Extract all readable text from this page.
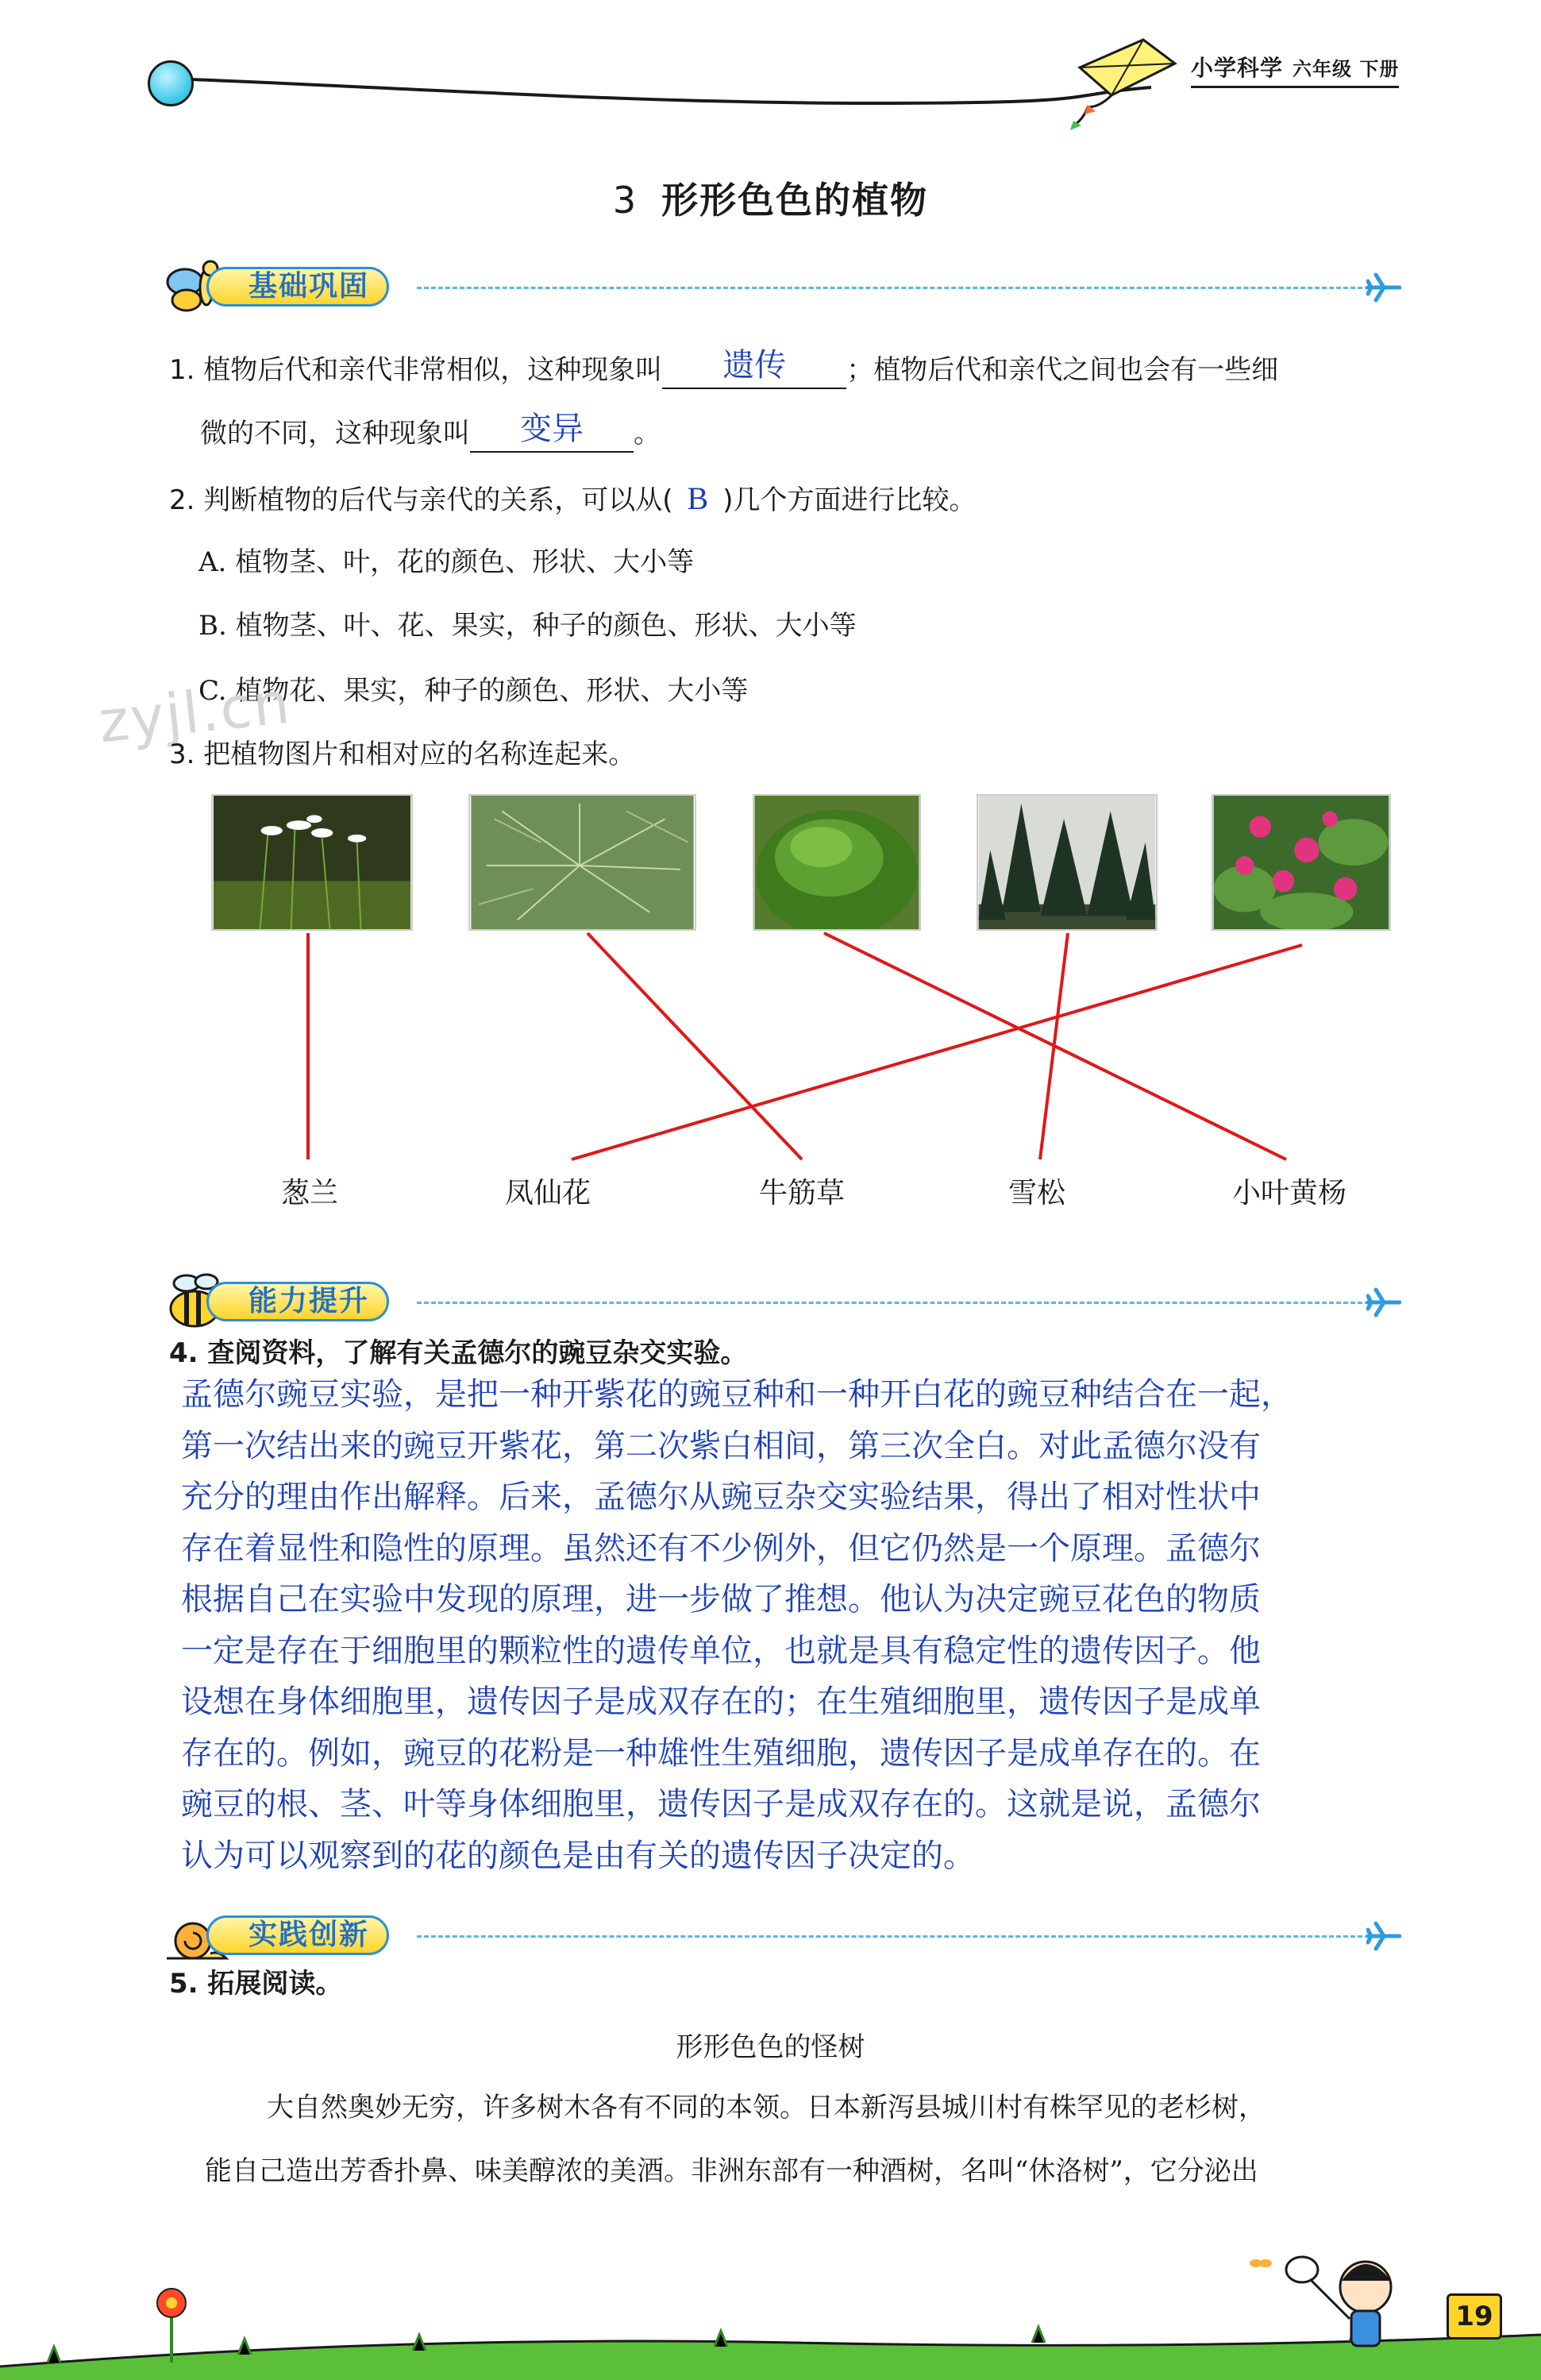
小学科学 六年级 下册
3 形形色色的植物
基础巩固
1. 植物后代和亲代非常相似，这种现象叫	遗传	；植物后代和亲代之间也会有一些细
微的不同，这种现象叫	变异	。
2. 判断植物的后代与亲代的关系，可以从( B )几个方面进行比较。
A. 植物茎、叶，花的颜色、形状、大小等
B. 植物茎、叶、花、果实，种子的颜色、形状、大小等
C. 植物花、果实，种子的颜色、形状、大小等
zyjl.cn
3. 把植物图片和相对应的名称连起来。
葱兰	凤仙花	牛筋草	雪松	小叶黄杨
能力提升
4. 查阅资料，了解有关孟德尔的豌豆杂交实验。
孟德尔豌豆实验，是把一种开紫花的豌豆种和一种开白花的豌豆种结合在一起，
第一次结出来的豌豆开紫花，第二次紫白相间，第三次全白。对此孟德尔没有
充分的理由作出解释。后来，孟德尔从豌豆杂交实验结果，得出了相对性状中
存在着显性和隐性的原理。虽然还有不少例外，但它仍然是一个原理。孟德尔
根据自己在实验中发现的原理，进一步做了推想。他认为决定豌豆花色的物质
一定是存在于细胞里的颗粒性的遗传单位，也就是具有稳定性的遗传因子。他
设想在身体细胞里，遗传因子是成双存在的；在生殖细胞里，遗传因子是成单
存在的。例如，豌豆的花粉是一种雄性生殖细胞，遗传因子是成单存在的。在
豌豆的根、茎、叶等身体细胞里，遗传因子是成双存在的。这就是说，孟德尔
认为可以观察到的花的颜色是由有关的遗传因子决定的。
实践创新
5. 拓展阅读。
形形色色的怪树
大自然奥妙无穷，许多树木各有不同的本领。日本新泻县城川村有株罕见的老杉树，
能自己造出芳香扑鼻、味美醇浓的美酒。非洲东部有一种酒树，名叫“休洛树”，它分泌出
19
